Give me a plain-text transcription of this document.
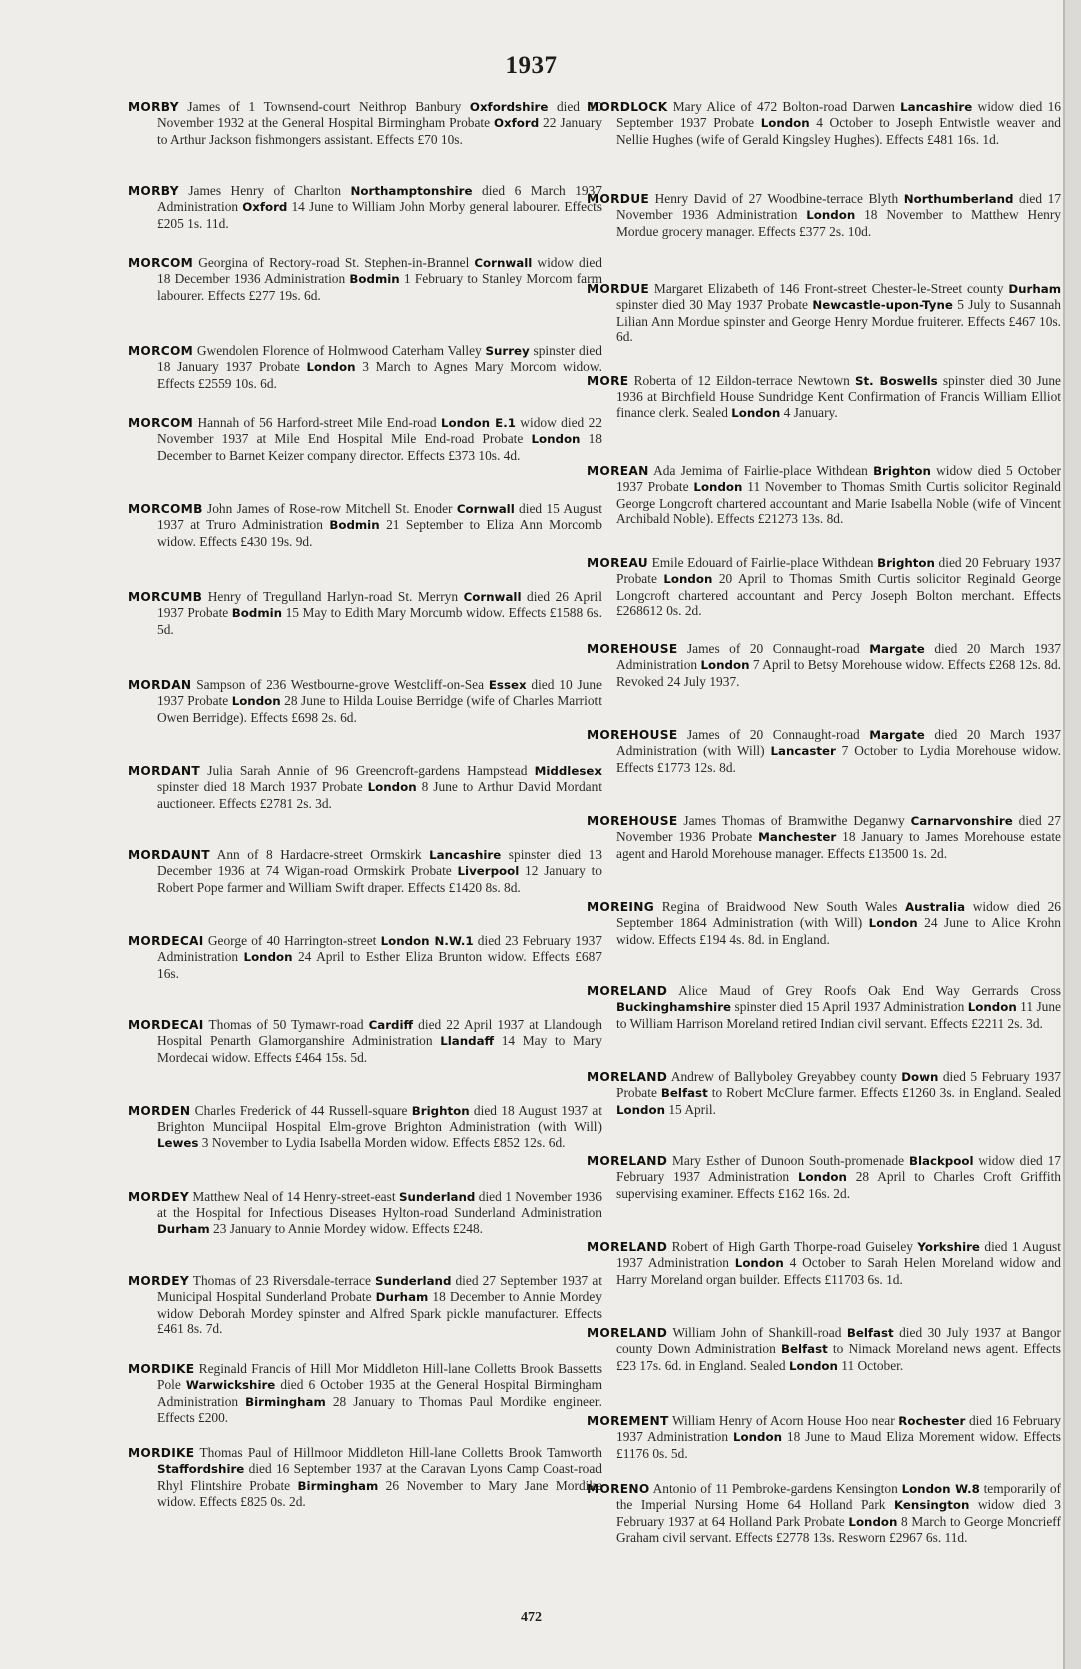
1937
MORBY James of 1 Townsend-court Neithrop Banbury Oxfordshire died 10 November 1932 at the General Hospital Birmingham Probate Oxford 22 January to Arthur Jackson fishmongers assistant. Effects £70 10s.
MORBY James Henry of Charlton Northamptonshire died 6 March 1937 Administration Oxford 14 June to William John Morby general labourer. Effects £205 1s. 11d.
MORCOM Georgina of Rectory-road St. Stephen-in-Brannel Cornwall widow died 18 December 1936 Administration Bodmin 1 February to Stanley Morcom farm labourer. Effects £277 19s. 6d.
MORCOM Gwendolen Florence of Holmwood Caterham Valley Surrey spinster died 18 January 1937 Probate London 3 March to Agnes Mary Morcom widow. Effects £2559 10s. 6d.
MORCOM Hannah of 56 Harford-street Mile End-road London E.1 widow died 22 November 1937 at Mile End Hospital Mile End-road Probate London 18 December to Barnet Keizer company director. Effects £373 10s. 4d.
MORCOMB John James of Rose-row Mitchell St. Enoder Cornwall died 15 August 1937 at Truro Administration Bodmin 21 September to Eliza Ann Morcomb widow. Effects £430 19s. 9d.
MORCUMB Henry of Tregulland Harlyn-road St. Merryn Cornwall died 26 April 1937 Probate Bodmin 15 May to Edith Mary Morcumb widow. Effects £1588 6s. 5d.
MORDAN Sampson of 236 Westbourne-grove Westcliff-on-Sea Essex died 10 June 1937 Probate London 28 June to Hilda Louise Berridge (wife of Charles Marriott Owen Berridge). Effects £698 2s. 6d.
MORDANT Julia Sarah Annie of 96 Greencroft-gardens Hampstead Middlesex spinster died 18 March 1937 Probate London 8 June to Arthur David Mordant auctioneer. Effects £2781 2s. 3d.
MORDAUNT Ann of 8 Hardacre-street Ormskirk Lancashire spinster died 13 December 1936 at 74 Wigan-road Ormskirk Probate Liverpool 12 January to Robert Pope farmer and William Swift draper. Effects £1420 8s. 8d.
MORDECAI George of 40 Harrington-street London N.W.1 died 23 February 1937 Administration London 24 April to Esther Eliza Brunton widow. Effects £687 16s.
MORDECAI Thomas of 50 Tymawr-road Cardiff died 22 April 1937 at Llandough Hospital Penarth Glamorganshire Administration Llandaff 14 May to Mary Mordecai widow. Effects £464 15s. 5d.
MORDEN Charles Frederick of 44 Russell-square Brighton died 18 August 1937 at Brighton Munciipal Hospital Elm-grove Brighton Administration (with Will) Lewes 3 November to Lydia Isabella Morden widow. Effects £852 12s. 6d.
MORDEY Matthew Neal of 14 Henry-street-east Sunderland died 1 November 1936 at the Hospital for Infectious Diseases Hylton-road Sunderland Administration Durham 23 January to Annie Mordey widow. Effects £248.
MORDEY Thomas of 23 Riversdale-terrace Sunderland died 27 September 1937 at Municipal Hospital Sunderland Probate Durham 18 December to Annie Mordey widow Deborah Mordey spinster and Alfred Spark pickle manufacturer. Effects £461 8s. 7d.
MORDIKE Reginald Francis of Hill Mor Middleton Hill-lane Colletts Brook Bassetts Pole Warwickshire died 6 October 1935 at the General Hospital Birmingham Administration Birmingham 28 January to Thomas Paul Mordike engineer. Effects £200.
MORDIKE Thomas Paul of Hillmoor Middleton Hill-lane Colletts Brook Tamworth Staffordshire died 16 September 1937 at the Caravan Lyons Camp Coast-road Rhyl Flintshire Probate Birmingham 26 November to Mary Jane Mordike widow. Effects £825 0s. 2d.
MORDLOCK Mary Alice of 472 Bolton-road Darwen Lancashire widow died 16 September 1937 Probate London 4 October to Joseph Entwistle weaver and Nellie Hughes (wife of Gerald Kingsley Hughes). Effects £481 16s. 1d.
MORDUE Henry David of 27 Woodbine-terrace Blyth Northumberland died 17 November 1936 Administration London 18 November to Matthew Henry Mordue grocery manager. Effects £377 2s. 10d.
MORDUE Margaret Elizabeth of 146 Front-street Chester-le-Street county Durham spinster died 30 May 1937 Probate Newcastle-upon-Tyne 5 July to Susannah Lilian Ann Mordue spinster and George Henry Mordue fruiterer. Effects £467 10s. 6d.
MORE Roberta of 12 Eildon-terrace Newtown St. Boswells spinster died 30 June 1936 at Birchfield House Sundridge Kent Confirmation of Francis William Elliot finance clerk. Sealed London 4 January.
MOREAN Ada Jemima of Fairlie-place Withdean Brighton widow died 5 October 1937 Probate London 11 November to Thomas Smith Curtis solicitor Reginald George Longcroft chartered accountant and Marie Isabella Noble (wife of Vincent Archibald Noble). Effects £21273 13s. 8d.
MOREAU Emile Edouard of Fairlie-place Withdean Brighton died 20 February 1937 Probate London 20 April to Thomas Smith Curtis solicitor Reginald George Longcroft chartered accountant and Percy Joseph Bolton merchant. Effects £268612 0s. 2d.
MOREHOUSE James of 20 Connaught-road Margate died 20 March 1937 Administration London 7 April to Betsy Morehouse widow. Effects £268 12s. 8d. Revoked 24 July 1937.
MOREHOUSE James of 20 Connaught-road Margate died 20 March 1937 Administration (with Will) Lancaster 7 October to Lydia Morehouse widow. Effects £1773 12s. 8d.
MOREHOUSE James Thomas of Bramwithe Deganwy Carnarvonshire died 27 November 1936 Probate Manchester 18 January to James Morehouse estate agent and Harold Morehouse manager. Effects £13500 1s. 2d.
MOREING Regina of Braidwood New South Wales Australia widow died 26 September 1864 Administration (with Will) London 24 June to Alice Krohn widow. Effects £194 4s. 8d. in England.
MORELAND Alice Maud of Grey Roofs Oak End Way Gerrards Cross Buckinghamshire spinster died 15 April 1937 Administration London 11 June to William Harrison Moreland retired Indian civil servant. Effects £2211 2s. 3d.
MORELAND Andrew of Ballyboley Greyabbey county Down died 5 February 1937 Probate Belfast to Robert McClure farmer. Effects £1260 3s. in England. Sealed London 15 April.
MORELAND Mary Esther of Dunoon South-promenade Blackpool widow died 17 February 1937 Administration London 28 April to Charles Croft Griffith supervising examiner. Effects £162 16s. 2d.
MORELAND Robert of High Garth Thorpe-road Guiseley Yorkshire died 1 August 1937 Administration London 4 October to Sarah Helen Moreland widow and Harry Moreland organ builder. Effects £11703 6s. 1d.
MORELAND William John of Shankill-road Belfast died 30 July 1937 at Bangor county Down Administration Belfast to Nimack Moreland news agent. Effects £23 17s. 6d. in England. Sealed London 11 October.
MOREMENT William Henry of Acorn House Hoo near Rochester died 16 February 1937 Administration London 18 June to Maud Eliza Morement widow. Effects £1176 0s. 5d.
MORENO Antonio of 11 Pembroke-gardens Kensington London W.8 temporarily of the Imperial Nursing Home 64 Holland Park Kensington widow died 3 February 1937 at 64 Holland Park Probate London 8 March to George Moncrieff Graham civil servant. Effects £2778 13s. Resworn £2967 6s. 11d.
472
